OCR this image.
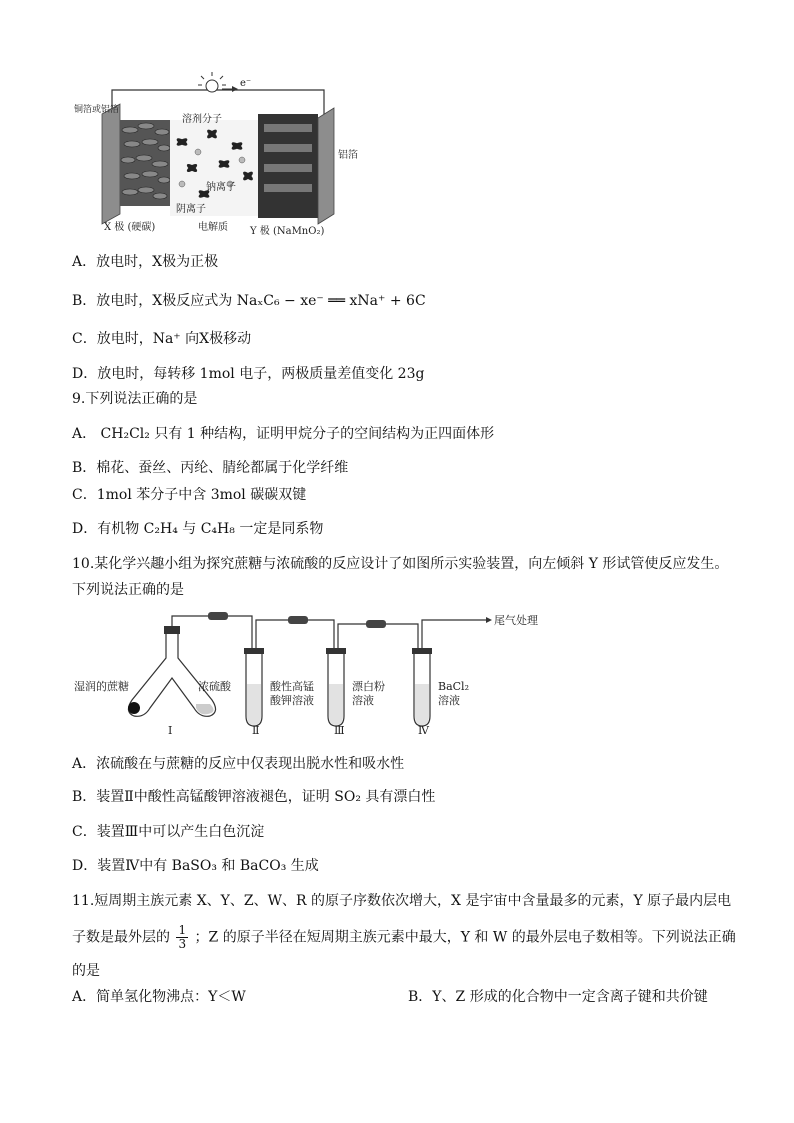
e⁻
铜箔或铝箔
溶剂分子
钠离子
阴离子
铝箔
X 极 (硬碳)	电解质 Y 极 (NaMnO₂)
A．放电时，X极为正极
B．放电时，X极反应式为 NaₓC₆ − xe⁻ ══ xNa⁺ + 6C
C．放电时，Na⁺ 向X极移动
D．放电时，每转移 1mol 电子，两极质量差值变化 23g
9.下列说法正确的是
A． CH₂Cl₂ 只有 1 种结构，证明甲烷分子的空间结构为正四面体形
B．棉花、蚕丝、丙纶、腈纶都属于化学纤维
C．1mol 苯分子中含 3mol 碳碳双键
D．有机物 C₂H₄ 与 C₄H₈ 一定是同系物
10.某化学兴趣小组为探究蔗糖与浓硫酸的反应设计了如图所示实验装置，向左倾斜 Y 形试管使反应发生。
下列说法正确的是
尾气处理
湿润的蔗糖	浓硫酸
Ⅰ
酸性高锰
酸钾溶液
Ⅱ
漂白粉
溶液
Ⅲ
BaCl₂
溶液
Ⅳ
A．浓硫酸在与蔗糖的反应中仅表现出脱水性和吸水性
B．装置Ⅱ中酸性高锰酸钾溶液褪色，证明 SO₂ 具有漂白性
C．装置Ⅲ中可以产生白色沉淀
D．装置Ⅳ中有 BaSO₃ 和 BaCO₃ 生成
11.短周期主族元素 X、Y、Z、W、R 的原子序数依次增大，X 是宇宙中含量最多的元素，Y 原子最内层电
子数是最外层的 $\frac{1}{3}$ ；Z 的原子半径在短周期主族元素中最大，Y 和 W 的最外层电子数相等。下列说法正确
的是
A．简单氢化物沸点：Y＜W	B．Y、Z 形成的化合物中一定含离子键和共价键
